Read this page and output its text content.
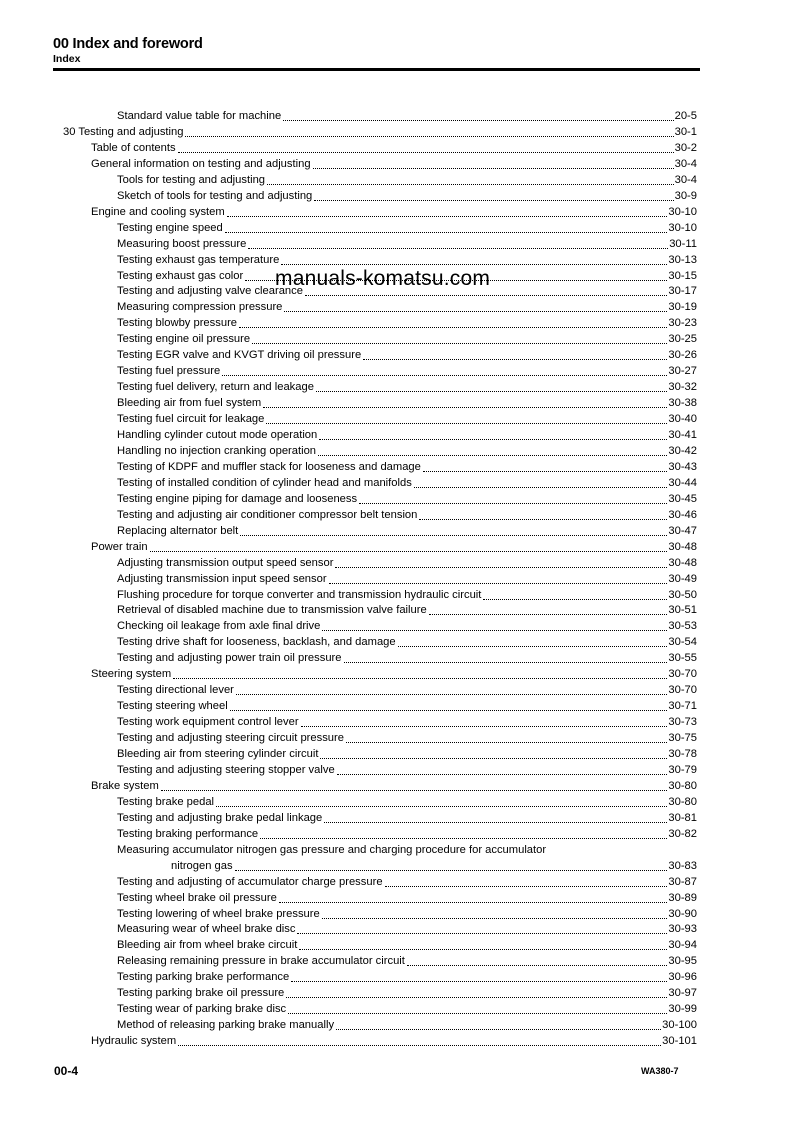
00 Index and foreword
Index
Standard value table for machine	20-5
30 Testing and adjusting	30-1
Table of contents	30-2
General information on testing and adjusting	30-4
Tools for testing and adjusting	30-4
Sketch of tools for testing and adjusting	30-9
Engine and cooling system	30-10
Testing engine speed	30-10
Measuring boost pressure	30-11
Testing exhaust gas temperature	30-13
Testing exhaust gas color	30-15
Testing and adjusting valve clearance	30-17
Measuring compression pressure	30-19
Testing blowby pressure	30-23
Testing engine oil pressure	30-25
Testing EGR valve and KVGT driving oil pressure	30-26
Testing fuel pressure	30-27
Testing fuel delivery, return and leakage	30-32
Bleeding air from fuel system	30-38
Testing fuel circuit for leakage	30-40
Handling cylinder cutout mode operation	30-41
Handling no injection cranking operation	30-42
Testing of KDPF and muffler stack for looseness and damage	30-43
Testing of installed condition of cylinder head and manifolds	30-44
Testing engine piping for damage and looseness	30-45
Testing and adjusting air conditioner compressor belt tension	30-46
Replacing alternator belt	30-47
Power train	30-48
Adjusting transmission output speed sensor	30-48
Adjusting transmission input speed sensor	30-49
Flushing procedure for torque converter and transmission hydraulic circuit	30-50
Retrieval of disabled machine due to transmission valve failure	30-51
Checking oil leakage from axle final drive	30-53
Testing drive shaft for looseness, backlash, and damage	30-54
Testing and adjusting power train oil pressure	30-55
Steering system	30-70
Testing directional lever	30-70
Testing steering wheel	30-71
Testing work equipment control lever	30-73
Testing and adjusting steering circuit pressure	30-75
Bleeding air from steering cylinder circuit	30-78
Testing and adjusting steering stopper valve	30-79
Brake system	30-80
Testing brake pedal	30-80
Testing and adjusting brake pedal linkage	30-81
Testing braking performance	30-82
Measuring accumulator nitrogen gas pressure and charging procedure for accumulator
nitrogen gas	30-83
Testing and adjusting of accumulator charge pressure	30-87
Testing wheel brake oil pressure	30-89
Testing lowering of wheel brake pressure	30-90
Measuring wear of wheel brake disc	30-93
Bleeding air from wheel brake circuit	30-94
Releasing remaining pressure in brake accumulator circuit	30-95
Testing parking brake performance	30-96
Testing parking brake oil pressure	30-97
Testing wear of parking brake disc	30-99
Method of releasing parking brake manually	30-100
Hydraulic system	30-101
manuals-komatsu.com
00-4	WA380-7
